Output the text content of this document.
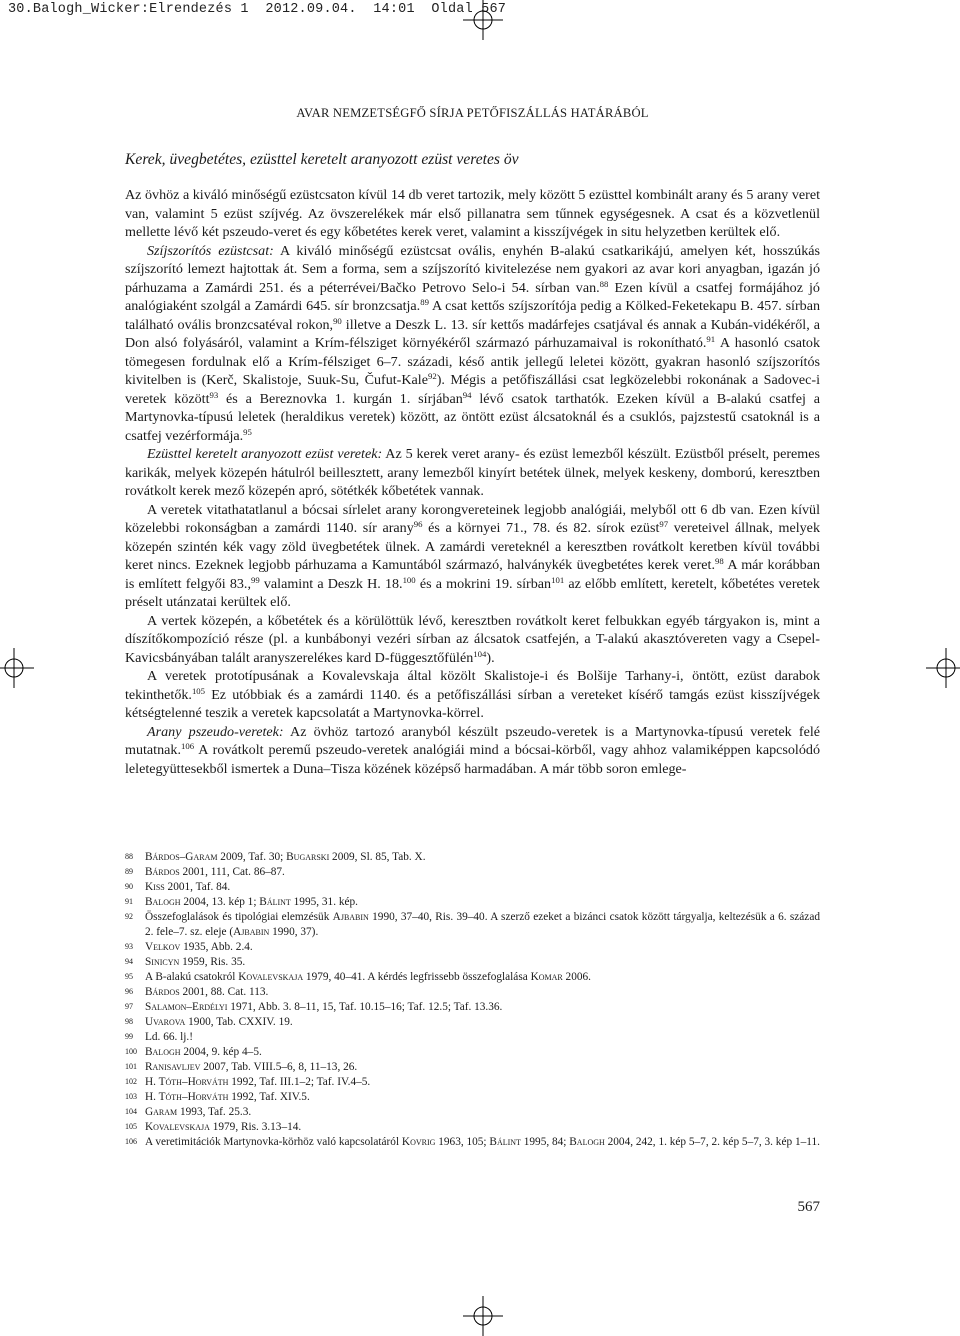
30.Balogh_Wicker:Elrendezés 1  2012.09.04.  14:01  Oldal 567
AVAR NEMZETSÉGFŐ SÍRJA PETŐFISZÁLLÁS HATÁRÁBÓL
Kerek, üvegbetétes, ezüsttel keretelt aranyozott ezüst veretes öv

Az övhöz a kiváló minőségű ezüstcsaton kívül 14 db veret tartozik, mely között 5 ezüsttel kombinált arany és 5 arany veret van, valamint 5 ezüst szíjvég. Az övszerelékek már első pillanatra sem tűnnek egységesnek. A csat és a közvetlenül mellette lévő két pszeudo-veret és egy kőbetétes kerek veret, valamint a kisszíjvégek in situ helyzetben kerültek elő.

Szíjszorítós ezüstcsat: A kiváló minőségű ezüstcsat ovális, enyhén B-alakú csatkarikájú, amelyen két, hosszúkás szíjszorító lemezt hajtottak át. Sem a forma, sem a szíjszorító kivitelezése nem gyakori az avar kori anyagban, igazán jó párhuzama a Zamárdi 251. és a péterrévei/Bačko Petrovo Selo-i 54. sírban van.$^{88}$ Ezen kívül a csatfej formájához jó analógiaként szolgál a Zamárdi 645. sír bronzcsatja.$^{89}$ A csat kettős szíjszorítója pedig a Kölked-Feketekapu B. 457. sírban található ovális bronzcsatéval rokon,$^{90}$ illetve a Deszk L. 13. sír kettős madárfejes csatjával és annak a Kubán-vidékéről, a Don alsó folyásáról, valamint a Krím-félsziget környékéről származó párhuzamaival is rokonítható.$^{91}$ A hasonló csatok tömegesen fordulnak elő a Krím-félsziget 6–7. századi, késő antik jellegű leletei között, gyakran hasonló szíjszorítós kivitelben is (Kerč, Skalistoje, Suuk-Su, Čufut-Kale$^{92}$). Mégis a petőfiszállási csat legközelebbi rokonának a Sadovec-i veretek között$^{93}$ és a Bereznovka 1. kurgán 1. sírjában$^{94}$ lévő csatok tarthatók. Ezeken kívül a B-alakú csatfej a Martynovka-típusú leletek (heraldikus veretek) között, az öntött ezüst álcsatoknál és a csuklós, pajzstestű csatoknál is a csatfej vezérformája.$^{95}$

Ezüsttel keretelt aranyozott ezüst veretek: Az 5 kerek veret arany- és ezüst lemezből készült. Ezüstből préselt, peremes karikák, melyek közepén hátulról beillesztett, arany lemezből kinyírt betétek ülnek, melyek keskeny, domború, keresztben rovátkolt kerek mező közepén apró, sötétkék kőbetétek vannak.

A veretek vitathatatlanul a bócsai sírlelet arany korongvereteinek legjobb analógiái, melyből ott 6 db van. Ezen kívül közelebbi rokonságban a zamárdi 1140. sír arany$^{96}$ és a környei 71., 78. és 82. sírok ezüst$^{97}$ vereteivel állnak, melyek közepén szintén kék vagy zöld üvegbetétek ülnek. A zamárdi vereteknél a keresztben rovátkolt keretben kívül további keret nincs. Ezeknek legjobb párhuzama a Kamuntából származó, halványkék üvegbetétes kerek veret.$^{98}$ A már korábban is említett felgyői 83.,$^{99}$ valamint a Deszk H. 18.$^{100}$ és a mokrini 19. sírban$^{101}$ az előbb említett, keretelt, kőbetétes veretek préselt utánzatai kerültek elő.

A vertek közepén, a kőbetétek és a körülöttük lévő, keresztben rovátkolt keret felbukkan egyéb tárgyakon is, mint a díszítőkompozíció része (pl. a kunbábonyi vezéri sírban az álcsatok csatfején, a T-alakú akasztóvereten vagy a Csepel-Kavicsbányában talált aranyszerelékes kard D-függesztőfülén$^{104}$).

A veretek prototípusának a Kovalevskaja által közölt Skalistoje-i és Bolšije Tarhany-i, öntött, ezüst darabok tekinthetők.$^{105}$ Ez utóbbiak és a zamárdi 1140. és a petőfiszállási sírban a vereteket kísérő tamgás ezüst kisszíjvégek kétségtelenné teszik a veretek kapcsolatát a Martynovka-körrel.

Arany pszeudo-veretek: Az övhöz tartozó aranyból készült pszeudo-veretek is a Martynovka-típusú veretek felé mutatnak.$^{106}$ A rovátkolt peremű pszeudo-veretek analógiái mind a bócsai-körből, vagy ahhoz valamiképpen kapcsolódó leletegyüttesekből ismertek a Duna–Tisza közének középső harmadában. A már több soron emlege-

88	Bárdos–Garam 2009, Taf. 30; Bugarski 2009, Sl. 85, Tab. X.
89	Bárdos 2001, 111, Cat. 86–87.
90	Kiss 2001, Taf. 84.
91	Balogh 2004, 13. kép 1; Bálint 1995, 31. kép.
92	Összefoglalások és tipológiai elemzésük Ajbabin 1990, 37–40, Ris. 39–40. A szerző ezeket a bizánci csatok között tárgyalja, keltezésük a 6. század 2. fele–7. sz. eleje (Ajbabin 1990, 37).
93	Velkov 1935, Abb. 2.4.
94	Sinicyn 1959, Ris. 35.
95	A B-alakú csatokról Kovalevskaja 1979, 40–41. A kérdés legfrissebb összefoglalása Komar 2006.
96	Bárdos 2001, 88. Cat. 113.
97	Salamon–Erdélyi 1971, Abb. 3. 8–11, 15, Taf. 10.15–16; Taf. 12.5; Taf. 13.36.
98	Uvarova 1900, Tab. CXXIV. 19.
99	Ld. 66. lj.!
100 Balogh 2004, 9. kép 4–5.
101 Ranisavljev 2007, Tab. VIII.5–6, 8, 11–13, 26.
102 H. Tóth–Horváth 1992, Taf. III.1–2; Taf. IV.4–5.
103 H. Tóth–Horváth 1992, Taf. XIV.5.
104 Garam 1993, Taf. 25.3.
105 Kovalevskaja 1979, Ris. 3.13–14.
106 A veretimitációk Martynovka-körhöz való kapcsolatáról Kovrig 1963, 105; Bálint 1995, 84; Balogh 2004, 242, 1. kép 5–7, 2. kép 5–7, 3. kép 1–11.
567
